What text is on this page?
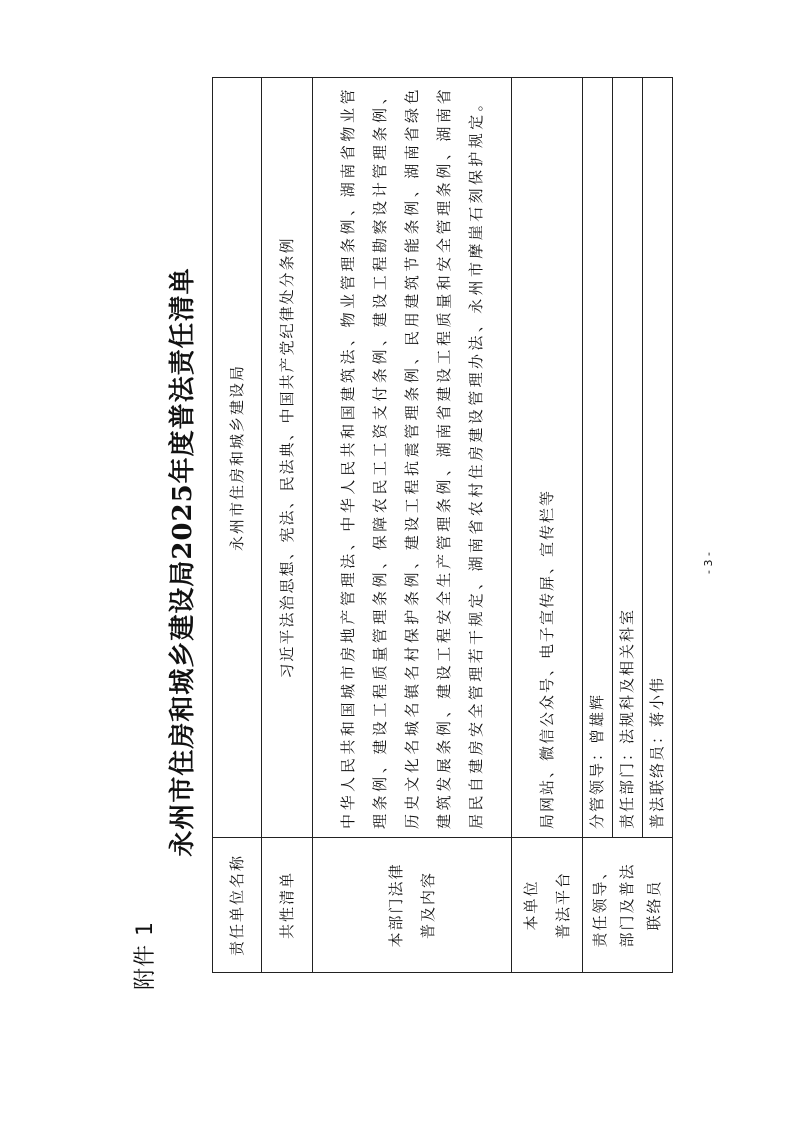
附件 1
永州市住房和城乡建设局2025年度普法责任清单
责任单位名称	永州市住房和城乡建设局
共性清单	习近平法治思想、宪法、民法典、中国共产党纪律处分条例

本部门法律 普及内容	中华人民共和国城市房地产管理法、中华人民共和国建筑法、物业管理条例、湖南省物业管理条例、建设工程质量管理条例、保障农民工工资支付条例、建设工程勘察设计管理条例、历史文化名城名镇名村保护条例、建设工程抗震管理条例、民用建筑节能条例、湖南省绿色建筑发展条例、建设工程安全生产管理条例、湖南省建设工程质量和安全管理条例、湖南省居民自建房安全管理若干规定、湖南省农村住房建设管理办法、永州市摩崖石刻保护规定。

本单位 普法平台	局网站、微信公众号、电子宣传屏、宣传栏等

责任领导、 部门及普法 联络员	分管领导：曾雄辉
	责任部门：法规科及相关科室
	普法联络员：蒋小伟
- 3 -
